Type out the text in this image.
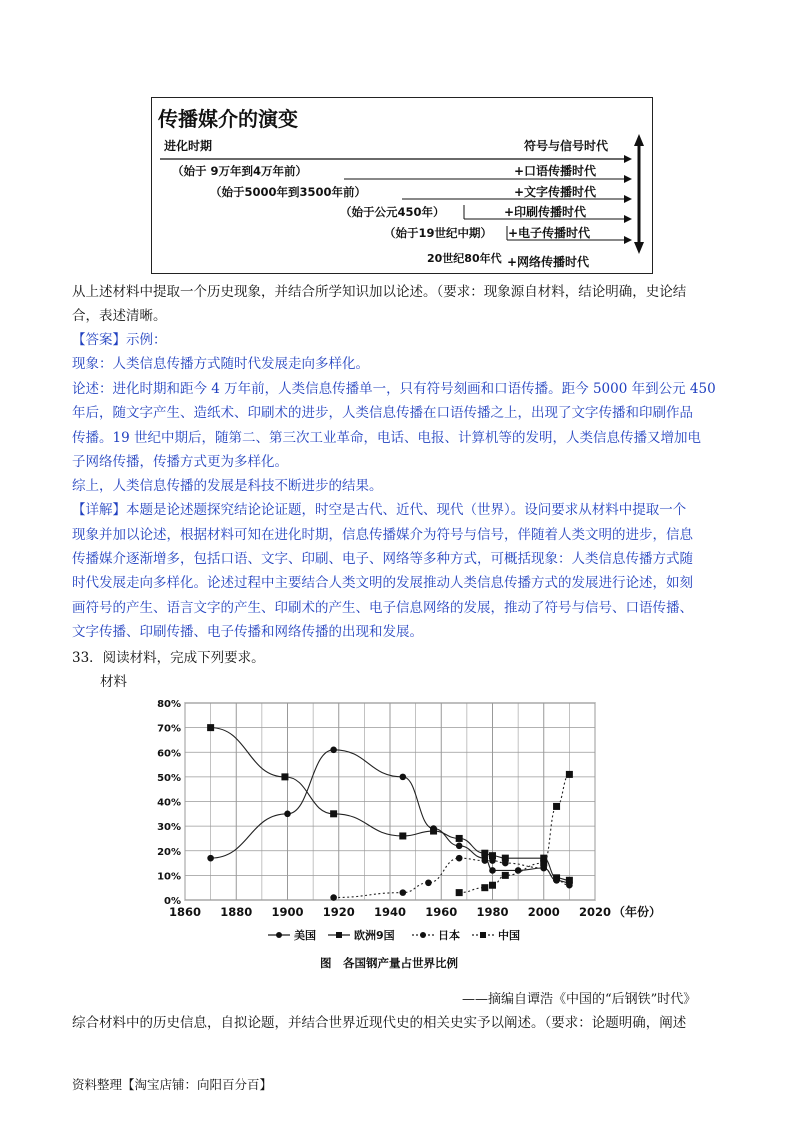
传播媒介的演变
进化时期	符号与信号时代
（始于 9万年到4万年前）	+口语传播时代
（始于5000年到3500年前）	+文字传播时代
（始于公元450年）	+印刷传播时代
（始于19世纪中期） +电子传播时代
20世纪80年代 +网络传播时代
从上述材料中提取一个历史现象，并结合所学知识加以论述。（要求：现象源自材料，结论明确，史论结
合，表述清晰。
【答案】示例：
现象：人类信息传播方式随时代发展走向多样化。
论述：进化时期和距今 4 万年前，人类信息传播单一，只有符号刻画和口语传播。距今 5000 年到公元 450
年后，随文字产生、造纸术、印刷术的进步，人类信息传播在口语传播之上，出现了文字传播和印刷作品
传播。19 世纪中期后，随第二、第三次工业革命，电话、电报、计算机等的发明，人类信息传播又增加电
子网络传播，传播方式更为多样化。
综上，人类信息传播的发展是科技不断进步的结果。
【详解】本题是论述题探究结论论证题，时空是古代、近代、现代（世界）。设问要求从材料中提取一个
现象并加以论述，根据材料可知在进化时期，信息传播媒介为符号与信号，伴随着人类文明的进步，信息
传播媒介逐渐增多，包括口语、文字、印刷、电子、网络等多种方式，可概括现象：人类信息传播方式随
时代发展走向多样化。论述过程中主要结合人类文明的发展推动人类信息传播方式的发展进行论述，如刻
画符号的产生、语言文字的产生、印刷术的产生、电子信息网络的发展，推动了符号与信号、口语传播、
文字传播、印刷传播、电子传播和网络传播的出现和发展。
33．阅读材料，完成下列要求。
材料
0%
10%
20%
30%
40%
50%
60%
70%
80%
1860 1880 1900 1920 1940 1960 1980 2000 2020 （年份）
美国	欧洲9国	日本	中国
图　各国钢产量占世界比例
——摘编自谭浩《中国的“后钢铁”时代》
综合材料中的历史信息，自拟论题，并结合世界近现代史的相关史实予以阐述。（要求：论题明确，阐述
资料整理【淘宝店铺：向阳百分百】
